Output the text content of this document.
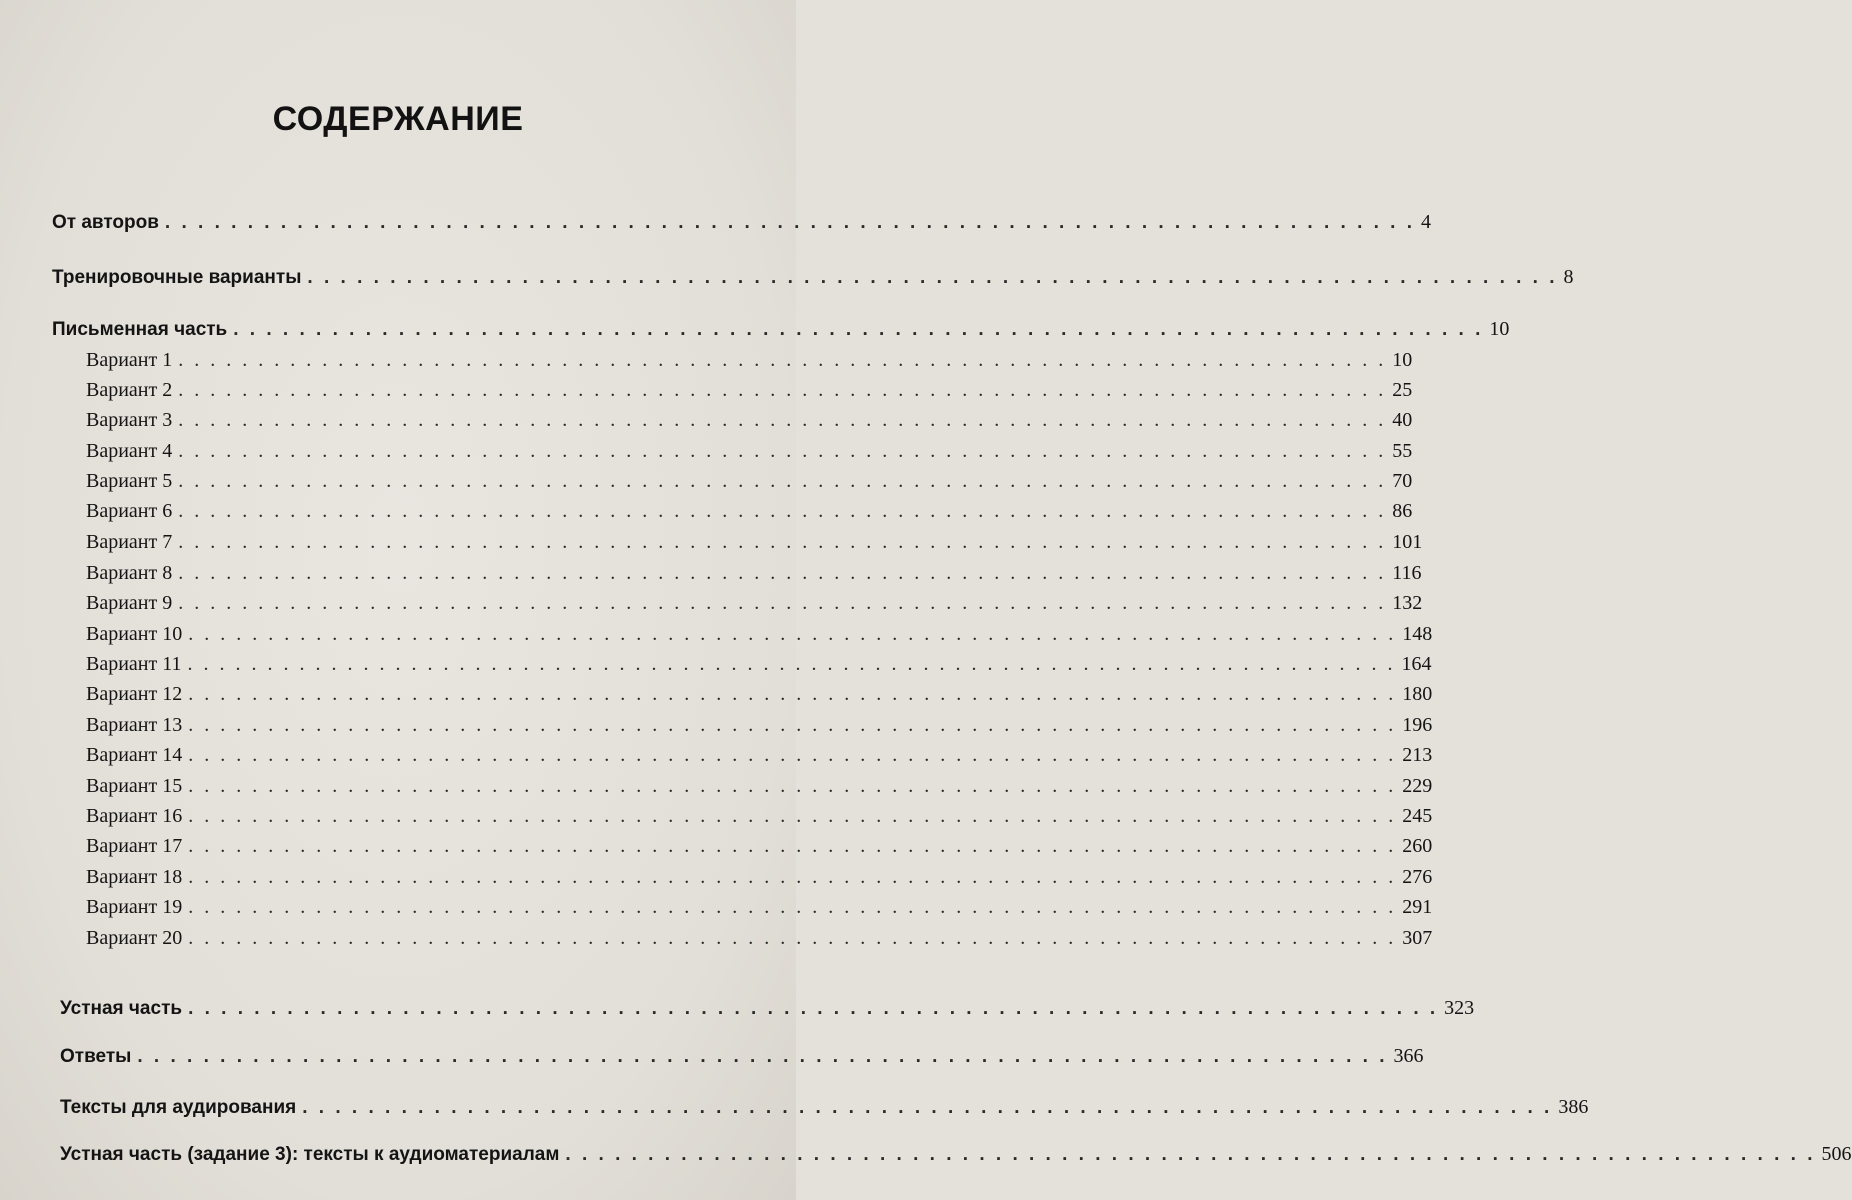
СОДЕРЖАНИЕ
От авторов . . . . . . . . . . . . . . . . . . . . . . . . . . . . . . . . . . . . . . . . . . . . . . . . . . . . . . . . . . . . . . . . . . . . . . . . . . . . 4
Тренировочные варианты . . . . . . . . . . . . . . . . . . . . . . . . . . . . . . . . . . . . . . . . . . . . . . . . . . . . . . . . . . . . . . . . . . . . . . . . . . . . 8
Письменная часть . . . . . . . . . . . . . . . . . . . . . . . . . . . . . . . . . . . . . . . . . . . . . . . . . . . . . . . . . . . . . . . . . . . . . . . . . . . . 10
Вариант 1 . . . . . . . . . . . . . . . . . . . . . . . . . . . . . . . . . . . . . . . . . . . . . . . . . . . . . . . . . . . . . . . . . . . . . . . . . . . . 10
Вариант 2 . . . . . . . . . . . . . . . . . . . . . . . . . . . . . . . . . . . . . . . . . . . . . . . . . . . . . . . . . . . . . . . . . . . . . . . . . . . . 25
Вариант 3 . . . . . . . . . . . . . . . . . . . . . . . . . . . . . . . . . . . . . . . . . . . . . . . . . . . . . . . . . . . . . . . . . . . . . . . . . . . . 40
Вариант 4 . . . . . . . . . . . . . . . . . . . . . . . . . . . . . . . . . . . . . . . . . . . . . . . . . . . . . . . . . . . . . . . . . . . . . . . . . . . . 55
Вариант 5 . . . . . . . . . . . . . . . . . . . . . . . . . . . . . . . . . . . . . . . . . . . . . . . . . . . . . . . . . . . . . . . . . . . . . . . . . . . . 70
Вариант 6 . . . . . . . . . . . . . . . . . . . . . . . . . . . . . . . . . . . . . . . . . . . . . . . . . . . . . . . . . . . . . . . . . . . . . . . . . . . . 86
Вариант 7 . . . . . . . . . . . . . . . . . . . . . . . . . . . . . . . . . . . . . . . . . . . . . . . . . . . . . . . . . . . . . . . . . . . . . . . . . . . . 101
Вариант 8 . . . . . . . . . . . . . . . . . . . . . . . . . . . . . . . . . . . . . . . . . . . . . . . . . . . . . . . . . . . . . . . . . . . . . . . . . . . . 116
Вариант 9 . . . . . . . . . . . . . . . . . . . . . . . . . . . . . . . . . . . . . . . . . . . . . . . . . . . . . . . . . . . . . . . . . . . . . . . . . . . . 132
Вариант 10 . . . . . . . . . . . . . . . . . . . . . . . . . . . . . . . . . . . . . . . . . . . . . . . . . . . . . . . . . . . . . . . . . . . . . . . . . . . . 148
Вариант 11 . . . . . . . . . . . . . . . . . . . . . . . . . . . . . . . . . . . . . . . . . . . . . . . . . . . . . . . . . . . . . . . . . . . . . . . . . . . . 164
Вариант 12 . . . . . . . . . . . . . . . . . . . . . . . . . . . . . . . . . . . . . . . . . . . . . . . . . . . . . . . . . . . . . . . . . . . . . . . . . . . . 180
Вариант 13 . . . . . . . . . . . . . . . . . . . . . . . . . . . . . . . . . . . . . . . . . . . . . . . . . . . . . . . . . . . . . . . . . . . . . . . . . . . . 196
Вариант 14 . . . . . . . . . . . . . . . . . . . . . . . . . . . . . . . . . . . . . . . . . . . . . . . . . . . . . . . . . . . . . . . . . . . . . . . . . . . . 213
Вариант 15 . . . . . . . . . . . . . . . . . . . . . . . . . . . . . . . . . . . . . . . . . . . . . . . . . . . . . . . . . . . . . . . . . . . . . . . . . . . . 229
Вариант 16 . . . . . . . . . . . . . . . . . . . . . . . . . . . . . . . . . . . . . . . . . . . . . . . . . . . . . . . . . . . . . . . . . . . . . . . . . . . . 245
Вариант 17 . . . . . . . . . . . . . . . . . . . . . . . . . . . . . . . . . . . . . . . . . . . . . . . . . . . . . . . . . . . . . . . . . . . . . . . . . . . . 260
Вариант 18 . . . . . . . . . . . . . . . . . . . . . . . . . . . . . . . . . . . . . . . . . . . . . . . . . . . . . . . . . . . . . . . . . . . . . . . . . . . . 276
Вариант 19 . . . . . . . . . . . . . . . . . . . . . . . . . . . . . . . . . . . . . . . . . . . . . . . . . . . . . . . . . . . . . . . . . . . . . . . . . . . . 291
Вариант 20 . . . . . . . . . . . . . . . . . . . . . . . . . . . . . . . . . . . . . . . . . . . . . . . . . . . . . . . . . . . . . . . . . . . . . . . . . . . . 307
Устная часть . . . . . . . . . . . . . . . . . . . . . . . . . . . . . . . . . . . . . . . . . . . . . . . . . . . . . . . . . . . . . . . . . . . . . . . . . . . . 323
Ответы . . . . . . . . . . . . . . . . . . . . . . . . . . . . . . . . . . . . . . . . . . . . . . . . . . . . . . . . . . . . . . . . . . . . . . . . . . . . 366
Тексты для аудирования . . . . . . . . . . . . . . . . . . . . . . . . . . . . . . . . . . . . . . . . . . . . . . . . . . . . . . . . . . . . . . . . . . . . . . . . . . . . 386
Устная часть (задание 3): тексты к аудиоматериалам . . . . . . . . . . . . . . . . . . . . . . . . . . . . . . . . . . . . . . . . . . . . . . . . . . . . . . . . . . . . . . . . . . . . . . . . . . . . 506
